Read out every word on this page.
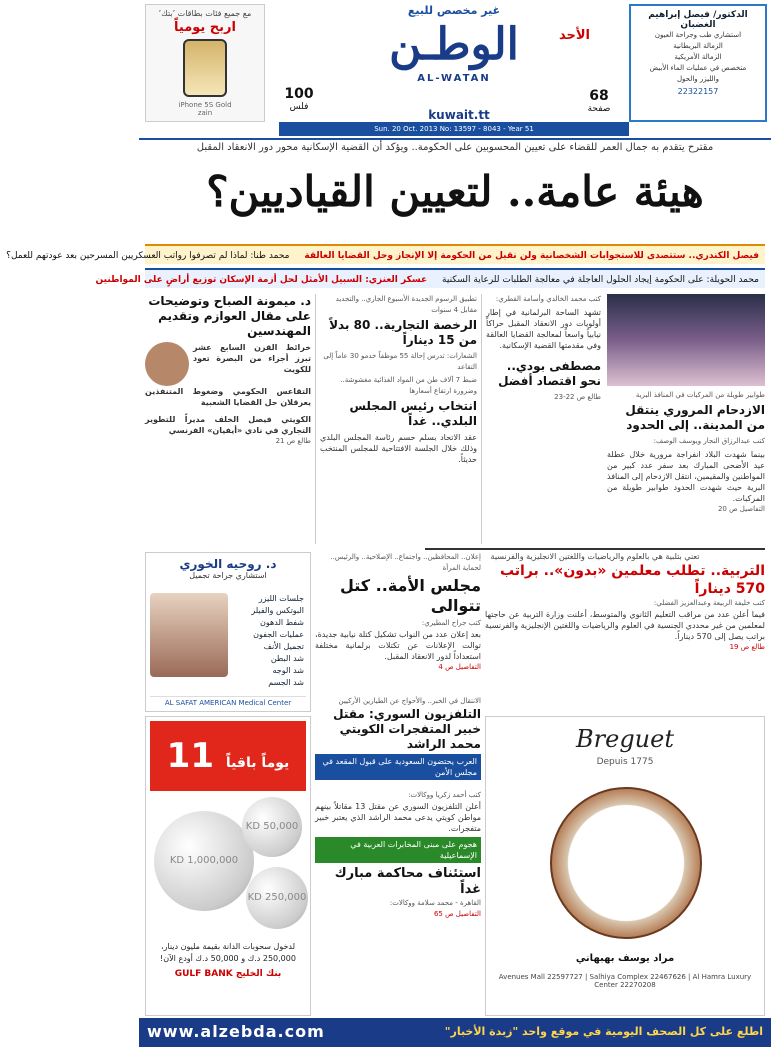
مع جميع فئات بطاقات ’بتك’
اربح يومياً
iPhone 5S Gold
zain
100
فلس
غير مخصص للبيع
الوطـن
AL-WATAN
الأحد
68
صفحة
kuwait.tt
الدكتور/ فيصل إبراهيم الغضبان
استشاري طب وجراحة العيون
الزمالة البريطانية
الزمالة الأمريكية
متخصص في عمليات الماء الأبيض
والليزر والحول
22322157
Sun. 20 Oct. 2013 No: 13597 - 8043 - Year 51
مقترح يتقدم به جمال العمر للقضاء على تعيين المحسوبين على الحكومة.. ويؤكد أن القضية الإسكانية محور دور الانعقاد المقبل
هيئة عامة.. لتعيين القياديين؟
فيصل الكندري.. ستتصدى للاستجوابات الشخصانية ولن نقبل من الحكومة إلا الإنجاز وحل القضايا العالقة محمد طنا: لماذا لم تصرفوا رواتب العسكريين المسرحين بعد عودتهم للعمل؟
محمد الحويلة: على الحكومة إيجاد الحلول العاجلة في معالجة الطلبات للرعاية السكنية عسكر العنزي: السبيل الأمثل لحل أزمة الإسكان توزيع أراضٍ على المواطنين
طوابير طويلة من المركبات في المنافذ البرية
الازدحام المروري ينتقل من المدينة.. إلى الحدود
كتب عبدالرزاق النجار ويوسف الوصف:

بينما شهدت البلاد انفراجة مرورية خلال عطلة عيد الأضحى المبارك بعد سفر عدد كبير من المواطنين والمقيمين، انتقل الازدحام إلى المنافذ البرية حيث شهدت الحدود طوابير طويلة من المركبات.

التفاصيل ص 20
كتب محمد الخالدي وأسامة القطري:

تشهد الساحة البرلمانية في إطار أولويات دور الانعقاد المقبل حراكاً نيابياً واسعاً لمعالجة القضايا العالقة وفي مقدمتها القضية الإسكانية.

مصطفى بودي.. نحو اقتصاد أفضل
طالع ص 22-23
تطبيق الرسوم الجديدة الأسبوع الجاري.. والتجديد مقابل 4 سنوات
الرخصة التجارية.. 80 بدلاً من 15 ديناراً
الشعارات: تدرس إحالة 55 موظفاً خدمو 30 عاماً إلى التقاعد
ضبط 7 آلاف طن من المواد الغذائية مغشوشة.. وضرورة ارتفاع أسعارها
انتخاب رئيس المجلس البلدي.. غداً

عقد الاتحاد بسلم حسم رئاسة المجلس البلدي وذلك خلال الجلسة الافتتاحية للمجلس المنتخب حديثاً.

د. ميمونة الصباح وتوضيحات على مقال العوازم وتقديم المهندسين

خرائط القرن السابع عشر تبرز أجزاء من البصرة تعود للكويت

التقاعس الحكومي وضغوط المتنفذين يعرقلان حل القضايا الشعبية

الكويتي فيصل الخلف مديراً للتطوير التجاري في نادي «أيفيان» الفرنسي

طالع ص 21
تعني بتلبية هي بالعلوم والرياضيات واللغتين الانجليزية والفرنسية
التربية.. تطلب معلمين «بدون».. براتب 570 ديناراً
كتب خليفة الربيعة وعبدالعزيز الفضلي:

فيما أعلن عدد من مراقب التعليم الثانوي والمتوسط، أعلنت وزارة التربية عن حاجتها لمعلمين من غير محددي الجنسية في العلوم والرياضيات واللغتين الإنجليزية والفرنسية براتب يصل إلى 570 ديناراً.

طالع ص 19
إعلان.. المحافظين.. واجتماع.. الإصلاحية.. والرئيس.. لحماية المرأة
مجلس الأمة.. كتل تتوالى
كتب جراح المطيري:

بعد إعلان عدد من النواب تشكيل كتلة نيابية جديدة، توالت الإعلانات عن تكتلات برلمانية مختلفة استعداداً لدور الانعقاد المقبل.

التفاصيل ص 4
د. روحيه الخوري
استشاري جراحة تجميل
جلسات الليزر
البوتكس والفيلر
شفط الدهون
عمليات الجفون
تجميل الأنف
شد البطن
شد الوجه
شد الجسم
AL SAFAT AMERICAN Medical Center	الانتقال في الخبر.. والأحواج عن الطيارين الأركيين
التلفزيون السوري: مقتل خبير المتفجرات الكويتي محمد الراشد
العرب يحتضون السعودية على قبول المقعد في مجلس الأمن
Breguet
Depuis 1775
مراد يوسف بهبهاني
Avenues Mall 22597727 | Salhiya Complex 22467626 | Al Hamra Luxury Center 22270208
يوماً باقياً 11
KD 1,000,000
KD 50,000
KD 250,000
لدخول سحوبات الدانة بقيمة مليون دينار، 250,000 د.ك و 50,000 د.ك أودع الآن!
بنك الخليج GULF BANK
كتب أحمد زكريا ووكالات:

أعلن التلفزيون السوري عن مقتل 13 مقاتلاً بينهم مواطن كويتي يدعى محمد الراشد الذي يعتبر خبير متفجرات.

هجوم على مبنى المخابرات العربية في الإسماعيلية
استئناف محاكمة مبارك غداً
القاهرة - محمد سلامة ووكالات:
التفاصيل ص 65
www.alzebda.com	اطلع على كل الصحف اليومية في موقع واحد "زبدة الأخبار"
